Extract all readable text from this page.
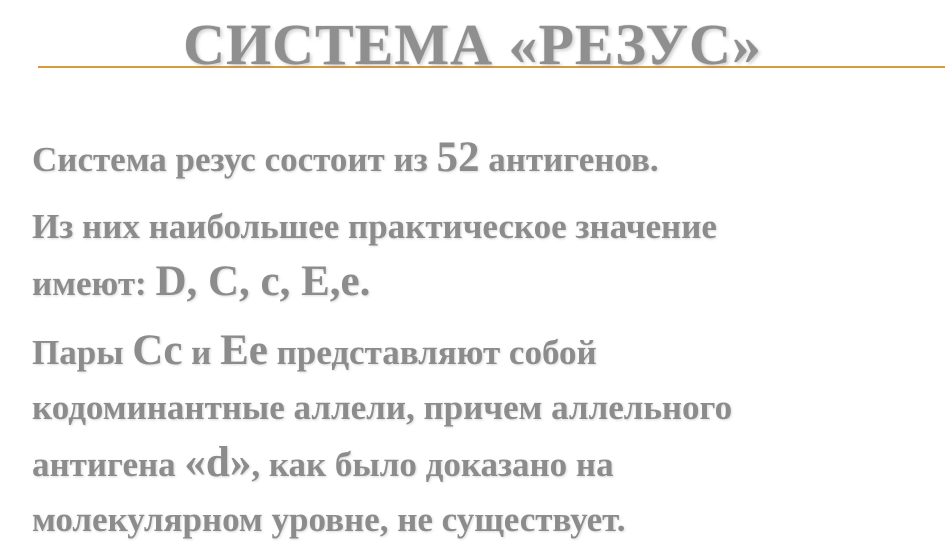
СИСТЕМА «РЕЗУС»

Система резус состоит из 52 антигенов.

Из них наибольшее практическое значение
имеют: D, C, c, E,e.

Пары Cc и Ee представляют собой
кодоминантные аллели, причем аллельного
антигена «d», как было доказано на
молекулярном уровне, не существует.
